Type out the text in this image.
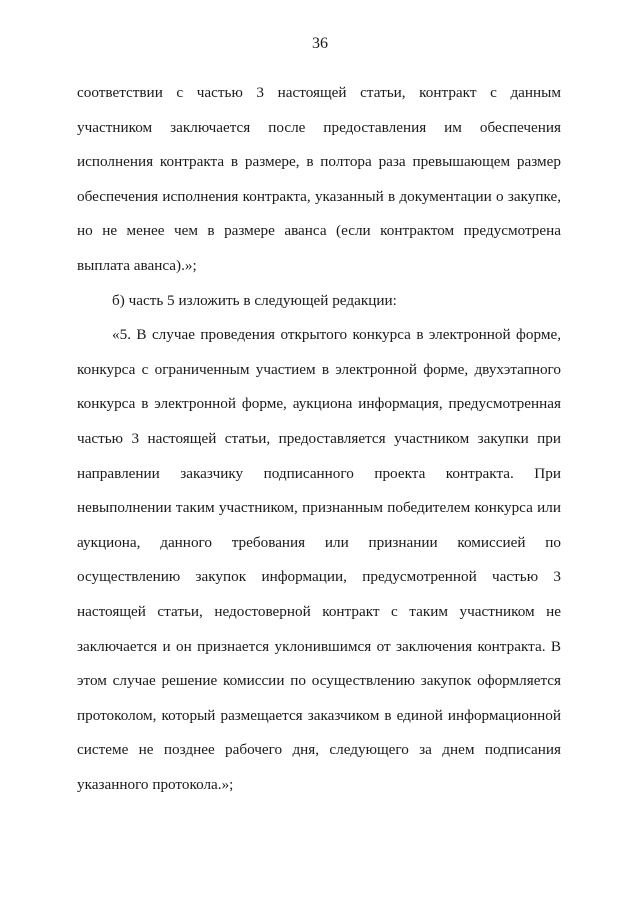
36

соответствии с частью 3 настоящей статьи, контракт с данным участником заключается после предоставления им обеспечения исполнения контракта в размере, в полтора раза превышающем размер обеспечения исполнения контракта, указанный в документации о закупке, но не менее чем в размере аванса (если контрактом предусмотрена выплата аванса).»;

б) часть 5 изложить в следующей редакции:

«5. В случае проведения открытого конкурса в электронной форме, конкурса с ограниченным участием в электронной форме, двухэтапного конкурса в электронной форме, аукциона информация, предусмотренная частью 3 настоящей статьи, предоставляется участником закупки при направлении заказчику подписанного проекта контракта. При невыполнении таким участником, признанным победителем конкурса или аукциона, данного требования или признании комиссией по осуществлению закупок информации, предусмотренной частью 3 настоящей статьи, недостоверной контракт с таким участником не заключается и он признается уклонившимся от заключения контракта. В этом случае решение комиссии по осуществлению закупок оформляется протоколом, который размещается заказчиком в единой информационной системе не позднее рабочего дня, следующего за днем подписания указанного протокола.»;
